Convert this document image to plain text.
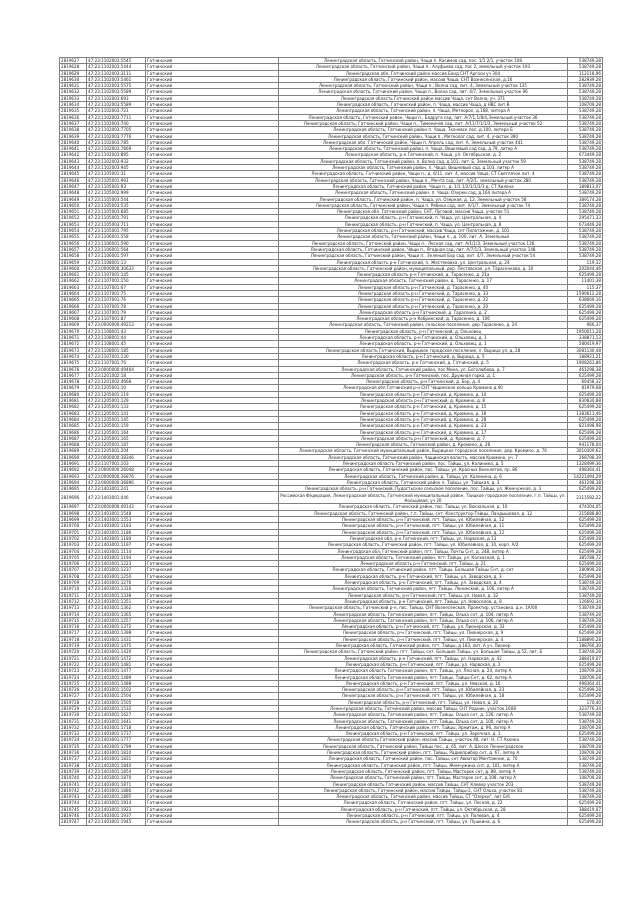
2819627	47:23:1102003:5545	Гатчинский	Ленинградская область, Гатчинский район, Чащи п. Касимов сад, пос. 1/1 2/1, участок 108	538749,28
2819628	47:23:1102003:5444	Гатчинский	Ленинградская область, Гатчинский район, Чащи п., Алуфьева сад, пос 2, земельный участок 193	538749,28
2819629	47:23:1102003:3111	Гатчинский	Ленинградская обл. Гатчинский район массив Бонд СНТ Аргоси уч 304	112118,96
2819630	47:23:1102003:5461	Гатчинский	Ленинградская область, Гатчинский район, массив Чаща, СНТ Вознесенская, д.16	282939,28
2819631	47:23:1102003:5575	Гатчинский	Ленинградская область, Гатчинский район, Чащи п., Волна сад, лит. 4, Земельный участок 135	538749,28
2819632	47:23:1102003:5589	Гатчинский	Ленинградская область, Гатчинский район, Чащи п., Волна сад, лит. 4/7, Земельный участок 96	538749,28
2819633	47:23:1102003:693	Гатчинский	Ленинградская область Гатчинский район массив Чаща, снт Волна, уч. 371	538749,28
2819634	47:23:1102003:5589	Гатчинский	Ленинградская область, Гатчинский район, п. Чаща, массив Чаща, д.НВС лит.В	108709,28
2819635	47:23:1102003:721	Гатчинский	Ленинградская область, Гатчинский район, п. Чаща, Метеорол, д.168, литера А	538749,28
2819636	47:23:1102003:7711	Гатчинский	Ленинградская область, Гатчинский район, Чащи п., Бодруга сад, лит. А/7/1,1/8/4,Земельный участок 36	538749,28
2819637	47:23:1102003:740	Гатчинский	Ленинградская область, Гатчинский район, Чащи п., Тимоничев сад, лит. А/11/7/1/1/3, Земельный участок 52	538749,28
2819638	47:23:1102003:7705	Гатчинский	Ленинградская область, Гатчинский район п. Чаща, Ткачевск пос. д.100, литера Б	538749,28
2819639	47:23:1102003:7776	Гатчинский	Ленинградская область, Гатчинский район, Чащи п., Метеолог сад, лит. 4, участок 390	538749,28
2819640	47:23:1102003:785	Гатчинский	Ленинградская обл. Гатчинский район, Чащи п. Апрель сад, лит. А, Земельный участок 441	538749,28
2819641	47:23:1102003:7869	Гатчинский	Ленинградская область, Гатчинский район, п. Чаща, Вишневый сад сад, д.79, литер А	538749,28
2819642	47:23:1102003:895	Гатчинский	Ленинградская область, р-н Гатчинский, п. Чаща, ул. Октябрьская, д. 2	673449,28
2819643	47:23:1102003:932	Гатчинский	Ленинградская область, Гатчинский район, п. Волна сад, д.101, лит. Б, Земельный участок 59	538749,28
2819644	47:23:1102003:945	Гатчинский	Ленинградская область, Гатчинский район, п. Чаща, Вишневый сад, д.103, литер А	538749,28
2819645	47:23:1105001:31	Гатчинский	Ленинградская область, Гатчинский район, Чащи п., д. 6/11, лит. 4, массив Чаща, СТ Светлячок лит. 4	538749,28
2819646	47:23:1105001:991	Гатчинский	Ленинградская область, Гатчинский район, Чащи п., Мечта сад, лит. А/2/1, земельный участок 280	538749,28
2819647	47:23:1105001:93	Гатчинский	Ленинградская область, Гатчинский район, Чащи п., д. 1/1 1/2/1/1/1/1 д. СТ Хилона	189813,07
2819648	47:23:1105002:999	Гатчинский	Ленинградская область, Гатчинский район, п. Чаща, Озерки сад, д.164 литера А	538749,28
2819649	47:23:1105003:544	Гатчинский	Ленинградская область, Гатчинский район, п. Чаща, ул. Озерная, д. 12, Земельный участок 58	389174,28
2819650	47:23:1105003:535	Гатчинский	Ленинградская область, Гатчинский район, Чащи п. Рябина сад, лит. А/1/7, Земельный участок 74	538749,28
2819651	47:23:1105003:685	Гатчинский	Ленинградская обл. Гатчинский район, СНТ, Луговой, массив Чаща, участок 51	538749,28
2819652	47:23:1105001:791	Гатчинский	Ленинградская область, р-н Гатчинский, п. Чаща, ул. Центральная, д. 4	295471,33
2819653	47:23:1105003:711	Гатчинский	Ленинградская область, р-н Гатчинский, п. Чаща, ул. Центральная, д. 8	673449,28
2819654	47:23:1105001:795	Гатчинский	Ленинградская область, р-н Гатчинский, массив Чаща, снт Пилотажник, д. 101	538749,28
2819655	47:23:1106001:558	Гатчинский	Ленинградская область, Гатчинский район, Чащи п., д. 100, лит. А, Земельный	538749,28
2819656	47:23:1106001:590	Гатчинский	Ленинградская область, Гатчинский район, Чащи п., Лесная сад, лит. А/1/1/3, Земельный участок 136	538749,28
2819657	47:23:1106001:564	Гатчинский	Ленинградская область, Гатчинский район, Чащи п., Ягодная сад, лит. А/7/1/3, Земельный участок 148	538749,28
2819658	47:23:1106001:597	Гатчинский	Ленинградская область, Гатчинский район, Чащи п., Зеленый Бор сад, лит. 4/7, Земельный участок 54	538749,28
2819659	47:23:1108001:13	Гатчинский	Ленинградская область р-н Гатчинский, п. Жестяновка, ул. Центральная, д. 24	119,32
2819660	47:23:0000000:30633	Гатчинский	Ленинградская область, Гатчинский район, муниципальный, дер. Пестовская, ул. Тарасенкова, д. 10	202044,46
2819661	47:23:1107001:145	Гатчинский	Ленинградская область р-н Гатчинский, д. Тарасенко, д. 21а	625499,28
2819662	47:23:1107001:150	Гатчинский	Ленинградская область, Гатчинский район, д. Тарасенко, д. 17	11401,38
2819663	47:23:1107001:67	Гатчинский	Ленинградская область р-н Гатчинский, д. Тарасенко, д. 40	115,37
2819664	47:23:1107001:75	Гатчинский	Ленинградская область р-н Гатчинский, д. Тарасенко, д. 33	1590612,28
2819665	47:23:1107001:76	Гатчинский	Ленинградская область р-н Гатчинский, д. Тарасенко, д. 22	638669,16
2819666	47:23:1107001:78	Гатчинский	Ленинградская область р-н Гатчинский, д. Тарасенко, д. 20	625499,28
2819667	47:23:1107001:79	Гатчинский	Ленинградская область р-н Гатчинский, д. Тарасенко, д. 2	625499,28
2819668	47:23:1107001:87	Гатчинский	Ленинградская область р-н Кобринский, д. Тарасенко, д. 106	625499,28
2819669	47:23:0000000:49213	Гатчинский	Ленинградская область, Гатчинский район, сельское поселение, дер.Тарасенко, д. 24	966,37
2819670	47:23:1108001:43	Гатчинский	Ленинградская область, р-н Гатчинский, д. Ольховец	1950011,28
2819671	47:23:1108001:44	Гатчинский	Ленинградская область, р-н Гатчинский, д. Ольховец, д. 1	338871,13
2819672	47:23:1108001:45	Гатчинский	Ленинградская область, р-н Гатчинский, д. Ольховец, д. 1	580419,97
2819673	47:23:1108001:185	Гатчинский	Ленинградская область Гатчинский, Вырицкое городское поселение, п. Вырица ул, д. 28	3081130,48
2819674	47:23:1107001:130	Гатчинский	Ленинградская область, р-н Гатчинский, д. Вырица, д. 5	188923,21
2819675	47:23:1107001:76	Гатчинский	Ленинградская область, р-н Гатчинский, д. Гатчинский, д. 5	1908263,86
2819676	47:23:0000000:49464	Гатчинский	Ленинградская область, Гатчинский район, пос Мина, ул. Боголюбова, д. 7	461298,38
2819677	47:23:1201002:18	Гатчинский	Ленинградская область, р-н Гатчинский, пос. Дружная горка, д. 1	625499,28
2819678	47:23:1201002:4668	Гатчинский	Ленинградская область, р-н Гатчинский, д. Бор, д. 4	60458,32
2819679	47:23:1205001:10	Гатчинский	Ленинградская обл Гатчинский р-н СНТ Чащинское кольцо Кромино д 40	81979,08
2819680	47:23:1205001:119	Гатчинский	Ленинградская область р-н Гатчинский, д. Кромино, д. 10	625499,28
2819681	47:23:1205001:129	Гатчинский	Ленинградская область р-н Гатчинский, д. Кромино, д. 8	830830,88
2819682	47:23:1205001:133	Гатчинский	Ленинградская область р-н Гатчинский, д. Кромино, д. 15	625499,28
2819683	47:23:1205001:141	Гатчинский	Ленинградская область р-н Гатчинский, д. Кромино, д. 18	1383611,46
2819684	47:23:1205001:145	Гатчинский	Ленинградская область р-н Гатчинский, д. Кромино, д. 28	625499,28
2819685	47:23:1205001:159	Гатчинский	Ленинградская область р-н Гатчинский, д. Кромино, д. 23	821498,98
2819686	47:23:1205001:164	Гатчинский	Ленинградская область р-н Гатчинский, д. Кромино, д. 17	625499,28
2819687	47:23:1205001:165	Гатчинский	Ленинградская область р-н Гатчинский, д. Кромино, д. 7	625499,28
2819688	47:23:1205001:187	Гатчинский	Ленинградская область, Гатчинский район, д. Кромино, д. 28	941178,04
2819689	47:23:1205001:204	Гатчинский	Ленинградская область, Гатчинский муниципальный район, Вырицкое городское поселение, дер. Кромино, д. 76	3010309,62
2819690	47:23:0000000:38346	Гатчинский	Ленинградская область, Гатчинский район, Чащинская волость, массив Кромино, уч. 7	268798,39
2819691	47:23:1107001:103	Гатчинский	Ленинградская область Гатчинский район, пос. Тайцы, ул. Калинина, д. 5	1328499,36
2819692	47:23:0000000:26048	Гатчинский	Ленинградская область, Гатчинский район, пос. Тайцы, ул. Красных Военлетов, пр. 86	498364,41
2819693	47:23:0000000:36876	Гатчинский	Ленинградская область, Гатчинский район, д. Тайцы, ул. Калинина, д. 6	14221494,29
2819694	47:23:0000000:36896	Гатчинский	Ленинградская область, Гатчинский район п. Тайцы, ул. Тайцкая, д. 3	461298,38
2819695	47:23:1403001:241	Гатчинский	Ленинградская область, р-н Гатчинский, Пудостьское сельское поселение, пос. Тайцы, ул. Жемчужная, д. 3	625499,28
2819696	47:23:1403001:446	Гатчинский	Российская Федерация, Ленинградская область, Гатчинский муниципальный район, Таицкое городское поселение, г.п. Тайцы, ул. Кольцевая, уч 20	2111582,22
2819697	47:23:0000000:49143	Гатчинский	Ленинградская область, Гатчинский район, пос. Тайцы, ул. Вокзальная, д. 10	474304,05
2819698	47:23:1403001:1548	Гатчинский	Ленинградская область, Гатчинский район, г.п. Тайцы, снт. Конструктор-Тайцы, Ландышевая, д. 12	215688,80
2819699	47:23:1403001:1553	Гатчинский	Ленинградская область, р-н Гатчинский, пгт. Тайцы, ул. Юбилейная, д. 12	625499,28
2819700	47:23:1403001:1183	Гатчинский	Ленинградская область, р-н Гатчинский, пгт. Тайцы, ул. Юбилейная, д. 11	625499,28
2819701	47:23:1403001:1186	Гатчинский	Ленинградская область, р-н Гатчинский, пгт. Тайцы, ул. Юбилейная, д. 12	625499,28
2819702	47:23:1403001:1180	Гатчинский	Ленинградская обл, р-н Гатчинский, пгт. Тайцы, ул. Нарвская, д 13	625499,28
2819703	47:23:1403001:1197	Гатчинский	Ленинградская область, Гатчинский район, пгт. Тайцы, ул. Юбилейная, д. 10, корп. А/2	625499,28
2819704	47:23:1403001:1114	Гатчинский	Ленинградская обл, Гатчинский район, пгт. Тайцы, Почты Снт, д. 248, литер А	625499,28
2819705	47:23:1403001:1194	Гатчинский	Ленинградская область, Гатчинский район, пгт. Тайцы, ул. Колхозная, д. 1	385788,72
2819706	47:23:1403001:1223	Гатчинский	Ленинградская область р-н Гатчинский, пгт. Тайцы, д. 21	625499,28
2819707	47:23:1403001:1237	Гатчинский	Ленинградская область, Гатчинский район, пгт. Тайцы, Большая Тайцы Снт, д. снт	280999,28
2819708	47:23:1403001:1250	Гатчинский	Ленинградская область, р-н Гатчинский, пгт. Тайцы, ул. Заводская, д. 3	625499,28
2819709	47:23:1403001:1276	Гатчинский	Ленинградская область, р-н Гатчинский, пгт. Тайцы, ул. Заводская, д. 4	538749,28
2819710	47:23:1403001:1316	Гатчинский	Ленинградская область, Гатчинский район, пгт. Тайцы, Ленинский, д. 106, литер А	538749,28
2819711	47:23:1403001:1338	Гатчинский	Ленинградская область, р-н Гатчинский, пгт. Тайцы, ул. Новая, д. 32	538749,28
2819712	47:23:1403001:1351	Гатчинский	Ленинградская область, р-н Гатчинский, пгт. Тайцы, ул. Новоселов, д. 8	126692,34
2819713	47:23:1403001:1362	Гатчинский	Ленинградская область, Гатчинский р-н, пос. Тайцы, СНТ Вознесенская, Проектир. установка. д.н. 1A/00	538749,28
2819714	47:23:1403001:1365	Гатчинский	Ленинградская область, Гатчинский район, пгт. Тайцы, Ольха снт, д. 104, литер А	538749,28
2819715	47:23:1403001:1257	Гатчинский	Ленинградская область, Гатчинский район, пгт. Тайцы, Ольха снт, д. 106, литер А	538749,28
2819716	47:23:1403001:1372	Гатчинский	Ленинградская область, р-н Гатчинский, пгт. Тайцы, ул. Пионерская, д. 33	625499,28
2819717	47:23:1403001:1398	Гатчинский	Ленинградская область, р-н Гатчинский, пгт. Тайцы, ул. Пионерская, д. 9	625499,28
2819718	47:23:1403001:1431	Гатчинский	Ленинградская область, р-н Гатчинский, пгт. Тайцы, ул. Пионерская, д. 4	1188890,28
2819719	47:23:1403001:1475	Гатчинский	Ленинградская область, Гатчинский район, пгт. Тайцы, д 183, лит. А уч. Пионер	188766,30
2819720	47:23:1403001:1420	Гатчинский	Ленинградская область, Гатчинский район, пгт. Тайцы, снт. Большие Тайцы, уч. Большая Тайцы, д.52, лит. Б	538749,28
2819721	47:23:1403001:1472	Гатчинский	Ленинградская область, р-н Гатчинский, пгт. Тайцы, ул. Нарвская, д. 42	388419,07
2819722	47:23:1403001:1481	Гатчинский	Ленинградская область, р-н Гатчинский, пгт. Тайцы, ул. Нарвская, д. 2	625499,28
2819723	47:23:1403001:1477	Гатчинский	Ленинградская область Гатчинский район, пгт. Тайцы, ул. Лесная, д. 24, литер А	108709,28
2819724	47:23:1403001:1489	Гатчинский	Ленинградская область Гатчинский район, пгт. Тайцы, Тайцы-Снт, д. 62, литер А	108709,28
2819725	47:23:1403001:1488	Гатчинский	Ленинградская область, р-н Гатчинский, пгт. Тайцы, ул. Невская, д. 16	498364,41
2819726	47:23:1403001:1502	Гатчинский	Ленинградская область, р-н Гатчинский, пгт. Тайцы, ул. Юбилейная, д. 23	625499,28
2819727	47:23:1403001:1504	Гатчинский	Ленинградская область, р-н Гатчинский, пгт. Тайцы, ул. Юбилейная, д. 18	625499,28
2819728	47:23:1403001:1505	Гатчинский	Ленинградская область, р-н Гатчинский, пгт. Тайцы, ул. Новая, д. 20	170,40
2819729	47:23:1403001:1532	Гатчинский	Ленинградская область, Гатчинский район, массив Тайцы, СНТ Родник, участок 1608	323776,34
2819730	47:23:1403001:1627	Гатчинский	Ленинградская область, Гатчинский район, пгт. Тайцы, Ольха снт, д. 126, литер А	538749,28
2819731	47:23:1403001:1641	Гатчинский	Ленинградская область, Гатчинский район, пгт. Тайцы, Ольха снт, д. 100, литер А	538749,28
2819732	47:23:1403001:1718	Гатчинский	Ленинградская область, Гатчинский район, пгт. Тайцы, Эрмитаж, д. 96, литер А	108709,28
2819733	47:23:1403001:1737	Гатчинский	Ленинградская область, р-н Гатчинский, пгт. Тайцы, ул. Заречная, д. 1	625499,28
2819734	47:23:1403001:1777	Гатчинский	Ленинградская область Гатчинский район, массив Тайцы, участок 48, лит. Н, СТ Ахонка	538749,28
2819735	47:23:1403001:1799	Гатчинский	Ленинградская область, Гатчинский район, Тайцы пос., д. 65, лит. А, Шоссе Ленинградское	108709,28
2819736	47:23:1403001:1810	Гатчинский	Ленинградская область, Гатчинский район, пгт. Тайцы, Радиоприбор снт, д. 67, литер А	108709,28
2819737	47:23:1403001:1831	Гатчинский	Ленинградская область, Гатчинский район, пос. Тайцы, снт Авиатор Монтажник, д. 70	538749,28
2819738	47:23:1403001:1840	Гатчинский	Ленинградская область, Гатчинский район, пгт. Тайцы, Жемчужина снт, д. 101, литер А	538749,28
2819739	47:23:1403001:1854	Гатчинский	Ленинградская область, Гатчинский район, пгт. Тайцы, Мастерок снт, д. 88, литер А	538749,28
2819740	47:23:1403001:1870	Гатчинский	Ленинградская область, Гатчинский район, пгт. Тайцы, Мастерок снт, д.108, литер А	108709,28
2819741	47:23:1403001:1871	Гатчинский	Ленинградская область Гатчинский район, массив Тайцы, СНТ Клевер участок 203	538749,28
2819742	47:23:1403001:1886	Гатчинский	Ленинградская область, Гатчинский район, массив Тайцы, Тайцы-2, СНТ Ольха, участок 83	538749,28
2819743	47:23:1403001:1895	Гатчинский	Ленинградская область, Гатчинский район, массив Тайцы, СТ "Озерки", лит Б/6	538749,28
2819744	47:23:1403001:1914	Гатчинский	Ленинградская область, Гатчинский район, пгт. Тайцы, ул. Лесная, д. 22	625499,28
2819745	47:23:1403001:1923	Гатчинский	Ленинградская область, р-н Гатчинский, пгт. Тайцы, ул. Октябрьская, д. 28	388419,07
2819746	47:23:1403001:1937	Гатчинский	Ленинградская область, р-н Гатчинский, пгт. Тайцы, ул. Полевая, д. 4	625499,28
2819747	47:23:1403001:1945	Гатчинский	Ленинградская область, р-н Гатчинский, пгт. Тайцы, ул. Пушкина, д. 6	625499,28
